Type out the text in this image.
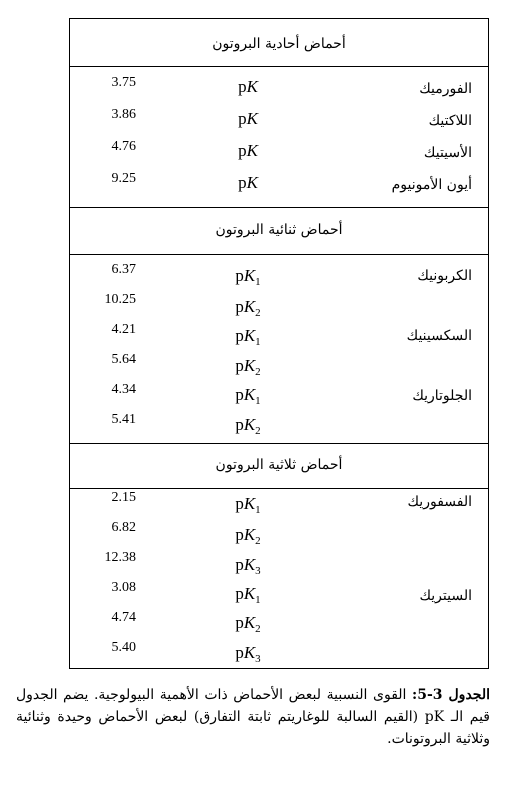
أحماض أحادية البروتون
الفورميك
pK
3.75
اللاكتيك
pK
3.86
الأسيتيك
pK
4.76
أيون الأمونيوم
pK
9.25
أحماض ثنائية البروتون
الكربونيك
$pK_1$
6.37
$pK_2$
10.25
السكسينيك
$pK_1$
4.21
$pK_2$
5.64
الجلوتاريك
$pK_1$
4.34
$pK_2$
5.41
أحماض ثلاثية البروتون
الفسفوريك
$pK_1$
2.15
$pK_2$
6.82
$pK_3$
12.38
السيتريك
$pK_1$
3.08
$pK_2$
4.74
$pK_3$
5.40
الجدول 3-5: القوى النسبية لبعض الأحماض ذات الأهمية البيولوجية. يضم الجدول قيم الـ pK (القيم السالبة للوغاريتم ثابتة التفارق) لبعض الأحماض وحيدة وثنائية وثلاثية البروتونات.
